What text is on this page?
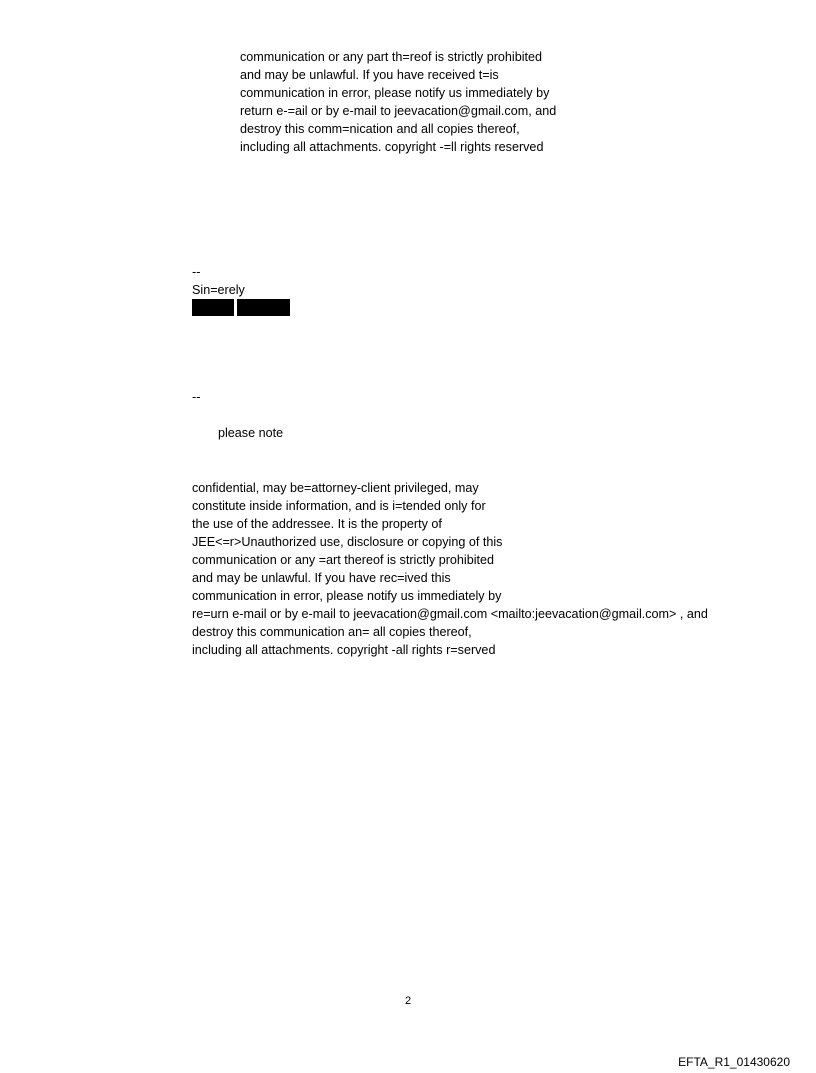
communication or any part th=reof is strictly prohibited
and may be unlawful. If you have received t=is
communication in error, please notify us immediately by
return e-=ail or by e-mail to jeevacation@gmail.com, and
destroy this comm=nication and all copies thereof,
including all attachments. copyright -=ll rights reserved
--
Sin=erely
--
please note
confidential, may be=attorney-client privileged, may
constitute inside information, and is i=tended only for
the use of the addressee. It is the property of
JEE<=r>Unauthorized use, disclosure or copying of this
communication or any =art thereof is strictly prohibited
and may be unlawful. If you have rec=ived this
communication in error, please notify us immediately by
re=urn e-mail or by e-mail to jeevacation@gmail.com <mailto:jeevacation@gmail.com> , and
destroy this communication an= all copies thereof,
including all attachments. copyright -all rights r=served
2
EFTA_R1_01430620
